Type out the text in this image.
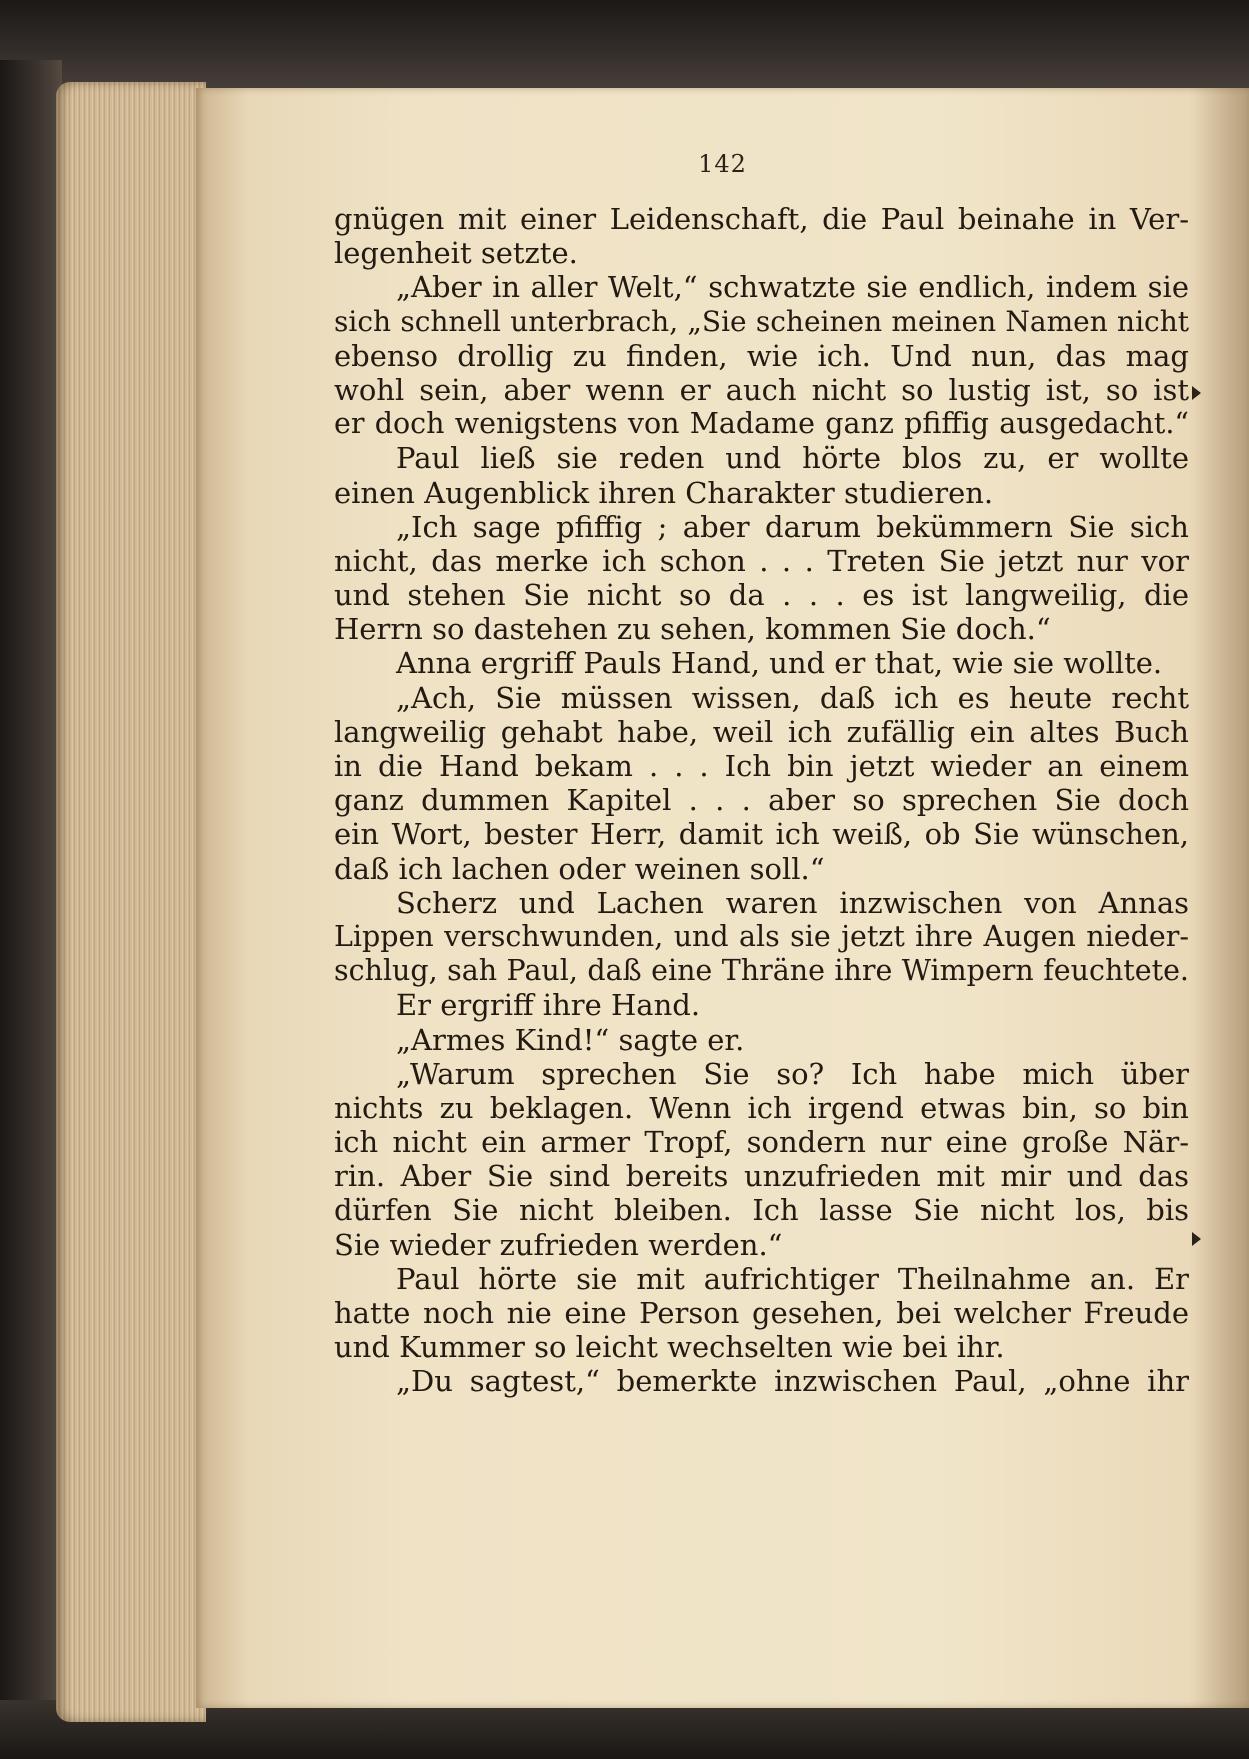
142
gnügen mit einer Leidenschaft, die Paul beinahe in Ver-
legenheit setzte.
„Aber in aller Welt,“ schwatzte sie endlich, indem sie
sich schnell unterbrach, „Sie scheinen meinen Namen nicht
ebenso drollig zu finden, wie ich. Und nun, das mag
wohl sein, aber wenn er auch nicht so lustig ist, so ist
er doch wenigstens von Madame ganz pfiffig ausgedacht.“
Paul ließ sie reden und hörte blos zu, er wollte
einen Augenblick ihren Charakter studieren.
„Ich sage pfiffig ; aber darum bekümmern Sie sich
nicht, das merke ich schon . . . Treten Sie jetzt nur vor
und stehen Sie nicht so da . . . es ist langweilig, die
Herrn so dastehen zu sehen, kommen Sie doch.“
Anna ergriff Pauls Hand, und er that, wie sie wollte.
„Ach, Sie müssen wissen, daß ich es heute recht
langweilig gehabt habe, weil ich zufällig ein altes Buch
in die Hand bekam . . . Ich bin jetzt wieder an einem
ganz dummen Kapitel . . . aber so sprechen Sie doch
ein Wort, bester Herr, damit ich weiß, ob Sie wünschen,
daß ich lachen oder weinen soll.“
Scherz und Lachen waren inzwischen von Annas
Lippen verschwunden, und als sie jetzt ihre Augen nieder-
schlug, sah Paul, daß eine Thräne ihre Wimpern feuchtete.
Er ergriff ihre Hand.
„Armes Kind!“ sagte er.
„Warum sprechen Sie so? Ich habe mich über
nichts zu beklagen. Wenn ich irgend etwas bin, so bin
ich nicht ein armer Tropf, sondern nur eine große När-
rin. Aber Sie sind bereits unzufrieden mit mir und das
dürfen Sie nicht bleiben. Ich lasse Sie nicht los, bis
Sie wieder zufrieden werden.“
Paul hörte sie mit aufrichtiger Theilnahme an. Er
hatte noch nie eine Person gesehen, bei welcher Freude
und Kummer so leicht wechselten wie bei ihr.
„Du sagtest,“ bemerkte inzwischen Paul, „ohne ihr
